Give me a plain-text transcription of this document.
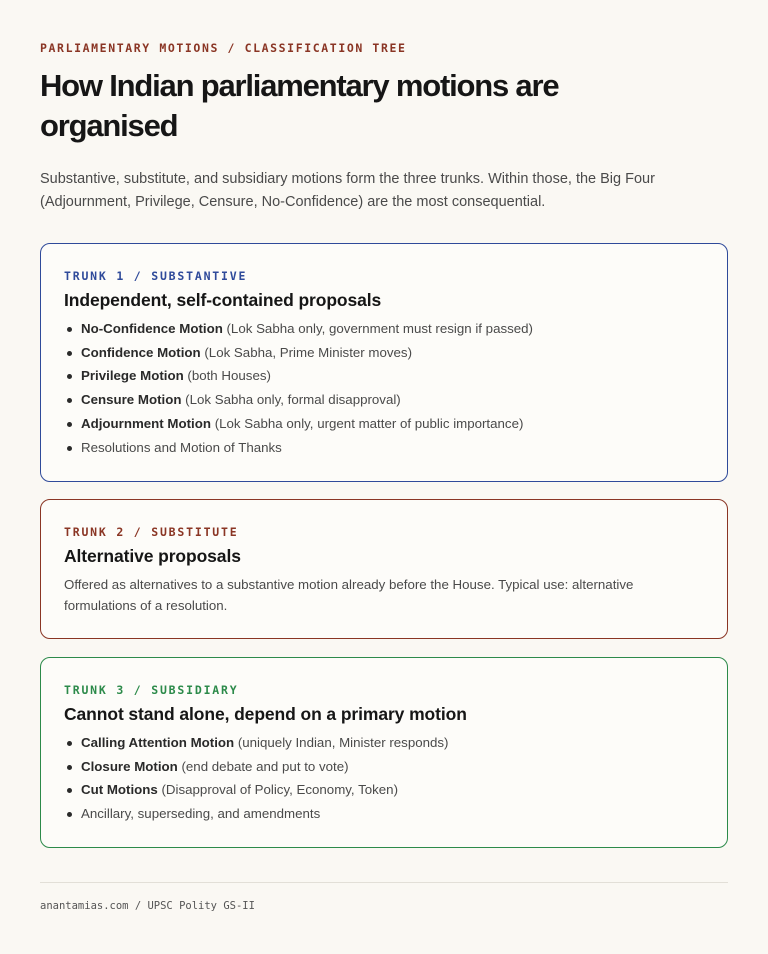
PARLIAMENTARY MOTIONS / CLASSIFICATION TREE
How Indian parliamentary motions are organised

Substantive, substitute, and subsidiary motions form the three trunks. Within those, the Big Four (Adjournment, Privilege, Censure, No-Confidence) are the most consequential.

TRUNK 1 / SUBSTANTIVE
Independent, self-contained proposals
No-Confidence Motion (Lok Sabha only, government must resign if passed)
Confidence Motion (Lok Sabha, Prime Minister moves)
Privilege Motion (both Houses)
Censure Motion (Lok Sabha only, formal disapproval)
Adjournment Motion (Lok Sabha only, urgent matter of public importance)
Resolutions and Motion of Thanks
TRUNK 2 / SUBSTITUTE
Alternative proposals

Offered as alternatives to a substantive motion already before the House. Typical use: alternative formulations of a resolution.

TRUNK 3 / SUBSIDIARY
Cannot stand alone, depend on a primary motion
Calling Attention Motion (uniquely Indian, Minister responds)
Closure Motion (end debate and put to vote)
Cut Motions (Disapproval of Policy, Economy, Token)
Ancillary, superseding, and amendments
anantamias.com / UPSC Polity GS-II
